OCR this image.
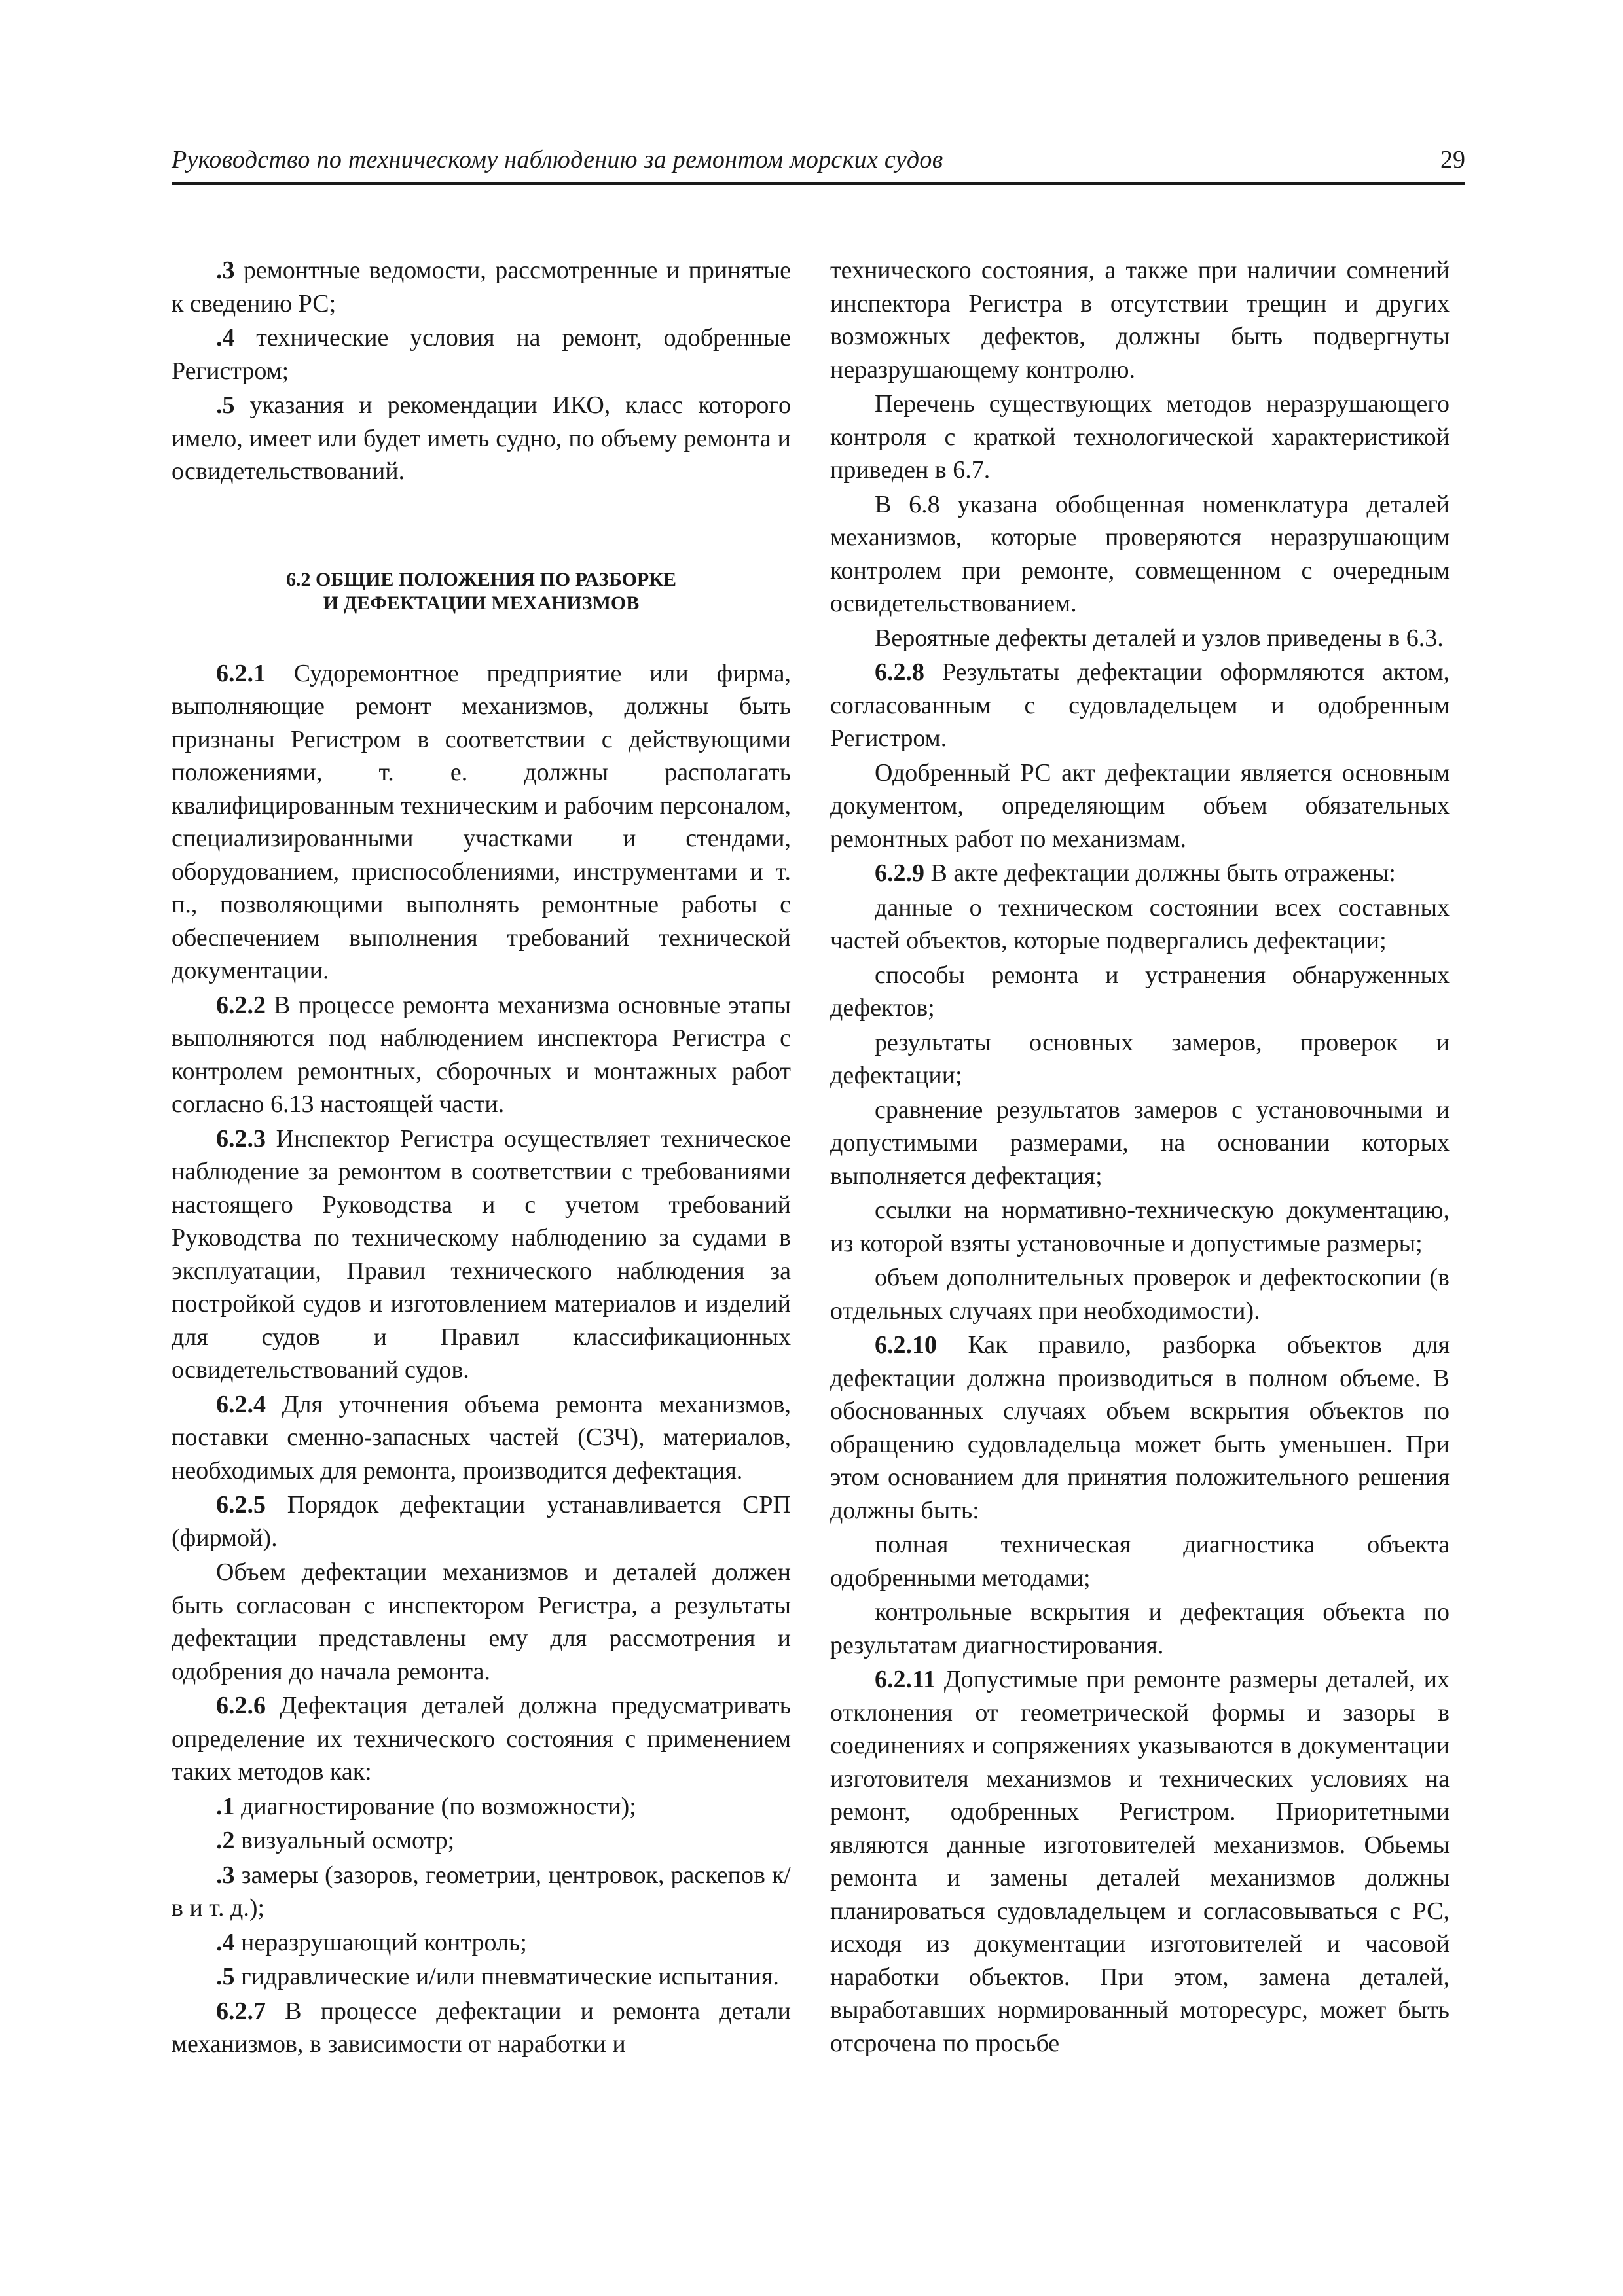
Руководство по техническому наблюдению за ремонтом морских судов	29

.3 ремонтные ведомости, рассмотренные и принятые к сведению РС;

.4 технические условия на ремонт, одобренные Регистром;

.5 указания и рекомендации ИКО, класс которого имело, имеет или будет иметь судно, по объему ремонта и освидетельствований.

6.2 ОБЩИЕ ПОЛОЖЕНИЯ ПО РАЗБОРКЕ
И ДЕФЕКТАЦИИ МЕХАНИЗМОВ

6.2.1 Судоремонтное предприятие или фирма, выполняющие ремонт механизмов, должны быть признаны Регистром в соответствии с действующими положениями, т. е. должны располагать квалифицированным техническим и рабочим персоналом, специализированными участками и стендами, оборудованием, приспособлениями, инструментами и т. п., позволяющими выполнять ремонтные работы с обеспечением выполнения требований технической документации.

6.2.2 В процессе ремонта механизма основные этапы выполняются под наблюдением инспектора Регистра с контролем ремонтных, сборочных и монтажных работ согласно 6.13 настоящей части.

6.2.3 Инспектор Регистра осуществляет техническое наблюдение за ремонтом в соответствии с требованиями настоящего Руководства и с учетом требований Руководства по техническому наблюдению за судами в эксплуатации, Правил технического наблюдения за постройкой судов и изготовлением материалов и изделий для судов и Правил классификационных освидетельствований судов.

6.2.4 Для уточнения объема ремонта механизмов, поставки сменно-запасных частей (СЗЧ), материалов, необходимых для ремонта, производится дефектация.

6.2.5 Порядок дефектации устанавливается СРП (фирмой).

Объем дефектации механизмов и деталей должен быть согласован с инспектором Регистра, а результаты дефектации представлены ему для рассмотрения и одобрения до начала ремонта.

6.2.6 Дефектация деталей должна предусматривать определение их технического состояния с применением таких методов как:

.1 диагностирование (по возможности);

.2 визуальный осмотр;

.3 замеры (зазоров, геометрии, центровок, раскепов к/в и т. д.);

.4 неразрушающий контроль;

.5 гидравлические и/или пневматические испытания.

6.2.7 В процессе дефектации и ремонта детали механизмов, в зависимости от наработки и

технического состояния, а также при наличии сомнений инспектора Регистра в отсутствии трещин и других возможных дефектов, должны быть подвергнуты неразрушающему контролю.

Перечень существующих методов неразрушающего контроля с краткой технологической характеристикой приведен в 6.7.

В 6.8 указана обобщенная номенклатура деталей механизмов, которые проверяются неразрушающим контролем при ремонте, совмещенном с очередным освидетельствованием.

Вероятные дефекты деталей и узлов приведены в 6.3.

6.2.8 Результаты дефектации оформляются актом, согласованным с судовладельцем и одобренным Регистром.

Одобренный РС акт дефектации является основным документом, определяющим объем обязательных ремонтных работ по механизмам.

6.2.9 В акте дефектации должны быть отражены:

данные о техническом состоянии всех составных частей объектов, которые подвергались дефектации;

способы ремонта и устранения обнаруженных дефектов;

результаты основных замеров, проверок и дефектации;

сравнение результатов замеров с установочными и допустимыми размерами, на основании которых выполняется дефектация;

ссылки на нормативно-техническую документацию, из которой взяты установочные и допустимые размеры;

объем дополнительных проверок и дефектоскопии (в отдельных случаях при необходимости).

6.2.10 Как правило, разборка объектов для дефектации должна производиться в полном объеме. В обоснованных случаях объем вскрытия объектов по обращению судовладельца может быть уменьшен. При этом основанием для принятия положительного решения должны быть:

полная техническая диагностика объекта одобренными методами;

контрольные вскрытия и дефектация объекта по результатам диагностирования.

6.2.11 Допустимые при ремонте размеры деталей, их отклонения от геометрической формы и зазоры в соединениях и сопряжениях указываются в документации изготовителя механизмов и технических условиях на ремонт, одобренных Регистром. Приоритетными являются данные изготовителей механизмов. Обьемы ремонта и замены деталей механизмов должны планироваться судовладельцем и согласовываться с РС, исходя из документации изготовителей и часовой наработки объектов. При этом, замена деталей, выработавших нормированный моторесурс, может быть отсрочена по просьбе
